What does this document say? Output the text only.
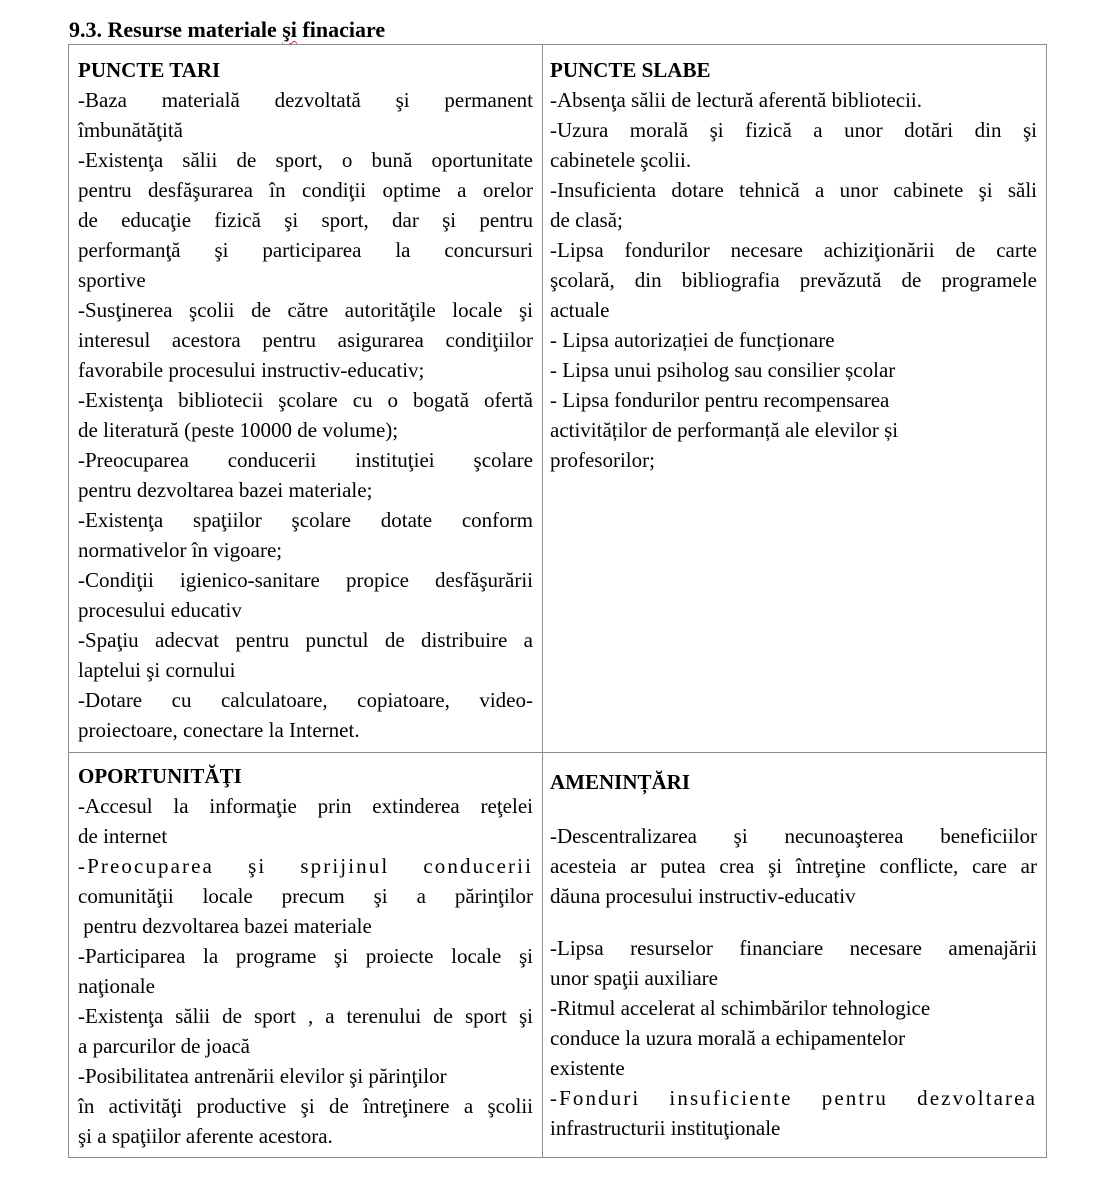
9.3. Resurse materiale şi finaciare
PUNCTE TARI
-Baza materială dezvoltată şi permanent
îmbunătăţită
-Existenţa sălii de sport, o bună oportunitate
pentru desfăşurarea în condiţii optime a orelor
de educaţie fizică şi sport, dar şi pentru
performanţă şi participarea la concursuri
sportive
-Susţinerea şcolii de către autorităţile locale şi
interesul acestora pentru asigurarea condiţiilor
favorabile procesului instructiv-educativ;
-Existenţa bibliotecii şcolare cu o bogată ofertă
de literatură (peste 10000 de volume);
-Preocuparea conducerii instituţiei şcolare
pentru dezvoltarea bazei materiale;
-Existenţa spaţiilor şcolare dotate conform
normativelor în vigoare;
-Condiţii igienico-sanitare propice desfăşurării
procesului educativ
-Spaţiu adecvat pentru punctul de distribuire a
laptelui şi cornului
-Dotare cu calculatoare, copiatoare, video-
proiectoare, conectare la Internet.
PUNCTE SLABE
-Absenţa sălii de lectură aferentă bibliotecii.
-Uzura morală şi fizică a unor dotări din şi
cabinetele şcolii.
-Insuficienta dotare tehnică a unor cabinete şi săli
de clasă;
-Lipsa fondurilor necesare achiziţionării de carte
şcolară, din bibliografia prevăzută de programele
actuale
- Lipsa autorizației de funcționare
- Lipsa unui psiholog sau consilier școlar
- Lipsa fondurilor pentru recompensarea
activităților de performanță ale elevilor și
profesorilor;
OPORTUNITĂŢI
-Accesul la informaţie prin extinderea reţelei
de internet
-Preocuparea şi sprijinul conducerii
comunităţii locale precum şi a părinţilor
pentru dezvoltarea bazei materiale
-Participarea la programe şi proiecte locale şi
naţionale
-Existenţa sălii de sport , a terenului de sport şi
a parcurilor de joacă
-Posibilitatea antrenării elevilor şi părinţilor
în activităţi productive şi de întreţinere a şcolii
şi a spaţiilor aferente acestora.
AMENINȚĂRI
-Descentralizarea şi necunoaşterea beneficiilor
acesteia ar putea crea şi întreţine conflicte, care ar
dăuna procesului instructiv-educativ
-Lipsa resurselor financiare necesare amenajării
unor spaţii auxiliare
-Ritmul accelerat al schimbărilor tehnologice
conduce la uzura morală a echipamentelor
existente
-Fonduri insuficiente pentru dezvoltarea
infrastructurii instituţionale
